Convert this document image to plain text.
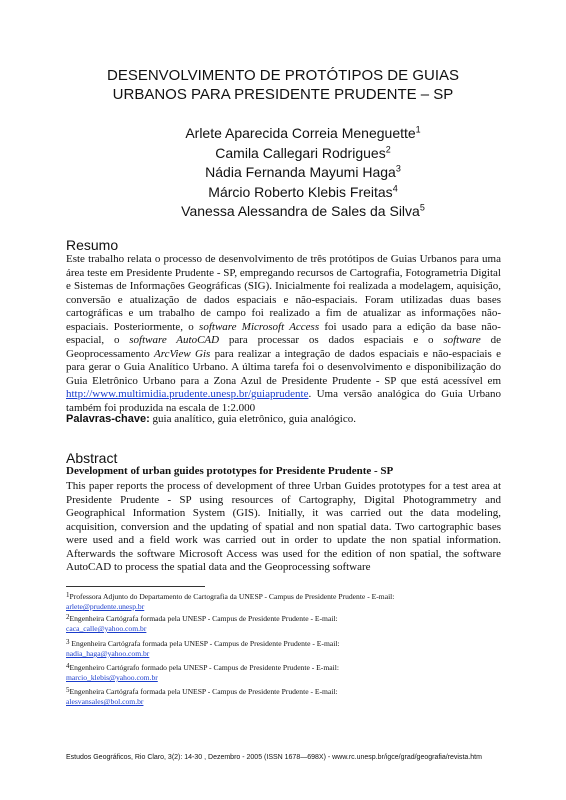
DESENVOLVIMENTO DE PROTÓTIPOS DE GUIAS
URBANOS PARA PRESIDENTE PRUDENTE – SP
Arlete Aparecida Correia Meneguette$^1$
Camila Callegari Rodrigues$^2$
Nádia Fernanda Mayumi Haga$^3$
Márcio Roberto Klebis Freitas$^4$
Vanessa Alessandra de Sales da Silva$^5$
Resumo
Este trabalho relata o processo de desenvolvimento de três protótipos de Guias Urbanos para uma área teste em Presidente Prudente - SP, empregando recursos de Cartografia, Fotogrametria Digital e Sistemas de Informações Geográficas (SIG). Inicialmente foi realizada a modelagem, aquisição, conversão e atualização de dados espaciais e não-espaciais. Foram utilizadas duas bases cartográficas e um trabalho de campo foi realizado a fim de atualizar as informações não-espaciais. Posteriormente, o software Microsoft Access foi usado para a edição da base não-espacial, o software AutoCAD para processar os dados espaciais e o software de Geoprocessamento ArcView Gis para realizar a integração de dados espaciais e não-espaciais e para gerar o Guia Analítico Urbano. A última tarefa foi o desenvolvimento e disponibilização do Guia Eletrônico Urbano para a Zona Azul de Presidente Prudente - SP que está acessível em http://www.multimidia.prudente.unesp.br/guiaprudente. Uma versão analógica do Guia Urbano também foi produzida na escala de 1:2.000
Palavras-chave: guia analítico, guia eletrônico, guia analógico.
Abstract
Development of urban guides prototypes for Presidente Prudente - SP
This paper reports the process of development of three Urban Guides prototypes for a test area at Presidente Prudente - SP using resources of Cartography, Digital Photogrammetry and Geographical Information System (GIS). Initially, it was carried out the data modeling, acquisition, conversion and the updating of spatial and non spatial data. Two cartographic bases were used and a field work was carried out in order to update the non spatial information. Afterwards the software Microsoft Access was used for the edition of non spatial, the software AutoCAD to process the spatial data and the Geoprocessing software
$^1$Professora Adjunto do Departamento de Cartografia da UNESP - Campus de Presidente Prudente - E-mail:
arlete@prudente.unesp.br
$^2$Engenheira Cartógrafa formada pela UNESP - Campus de Presidente Prudente - E-mail:
caca_calle@yahoo.com.br
$^3$ Engenheira Cartógrafa formada pela UNESP - Campus de Presidente Prudente - E-mail:
nadia_haga@yahoo.com.br
$^4$Engenheiro Cartógrafo formado pela UNESP - Campus de Presidente Prudente - E-mail:
marcio_klebis@yahoo.com.br
$^5$Engenheira Cartógrafa formada pela UNESP - Campus de Presidente Prudente - E-mail:
alesvansales@bol.com.br
Estudos Geográficos, Rio Claro, 3(2): 14-30 , Dezembro - 2005 (ISSN 1678—698X) - www.rc.unesp.br/igce/grad/geografia/revista.htm
